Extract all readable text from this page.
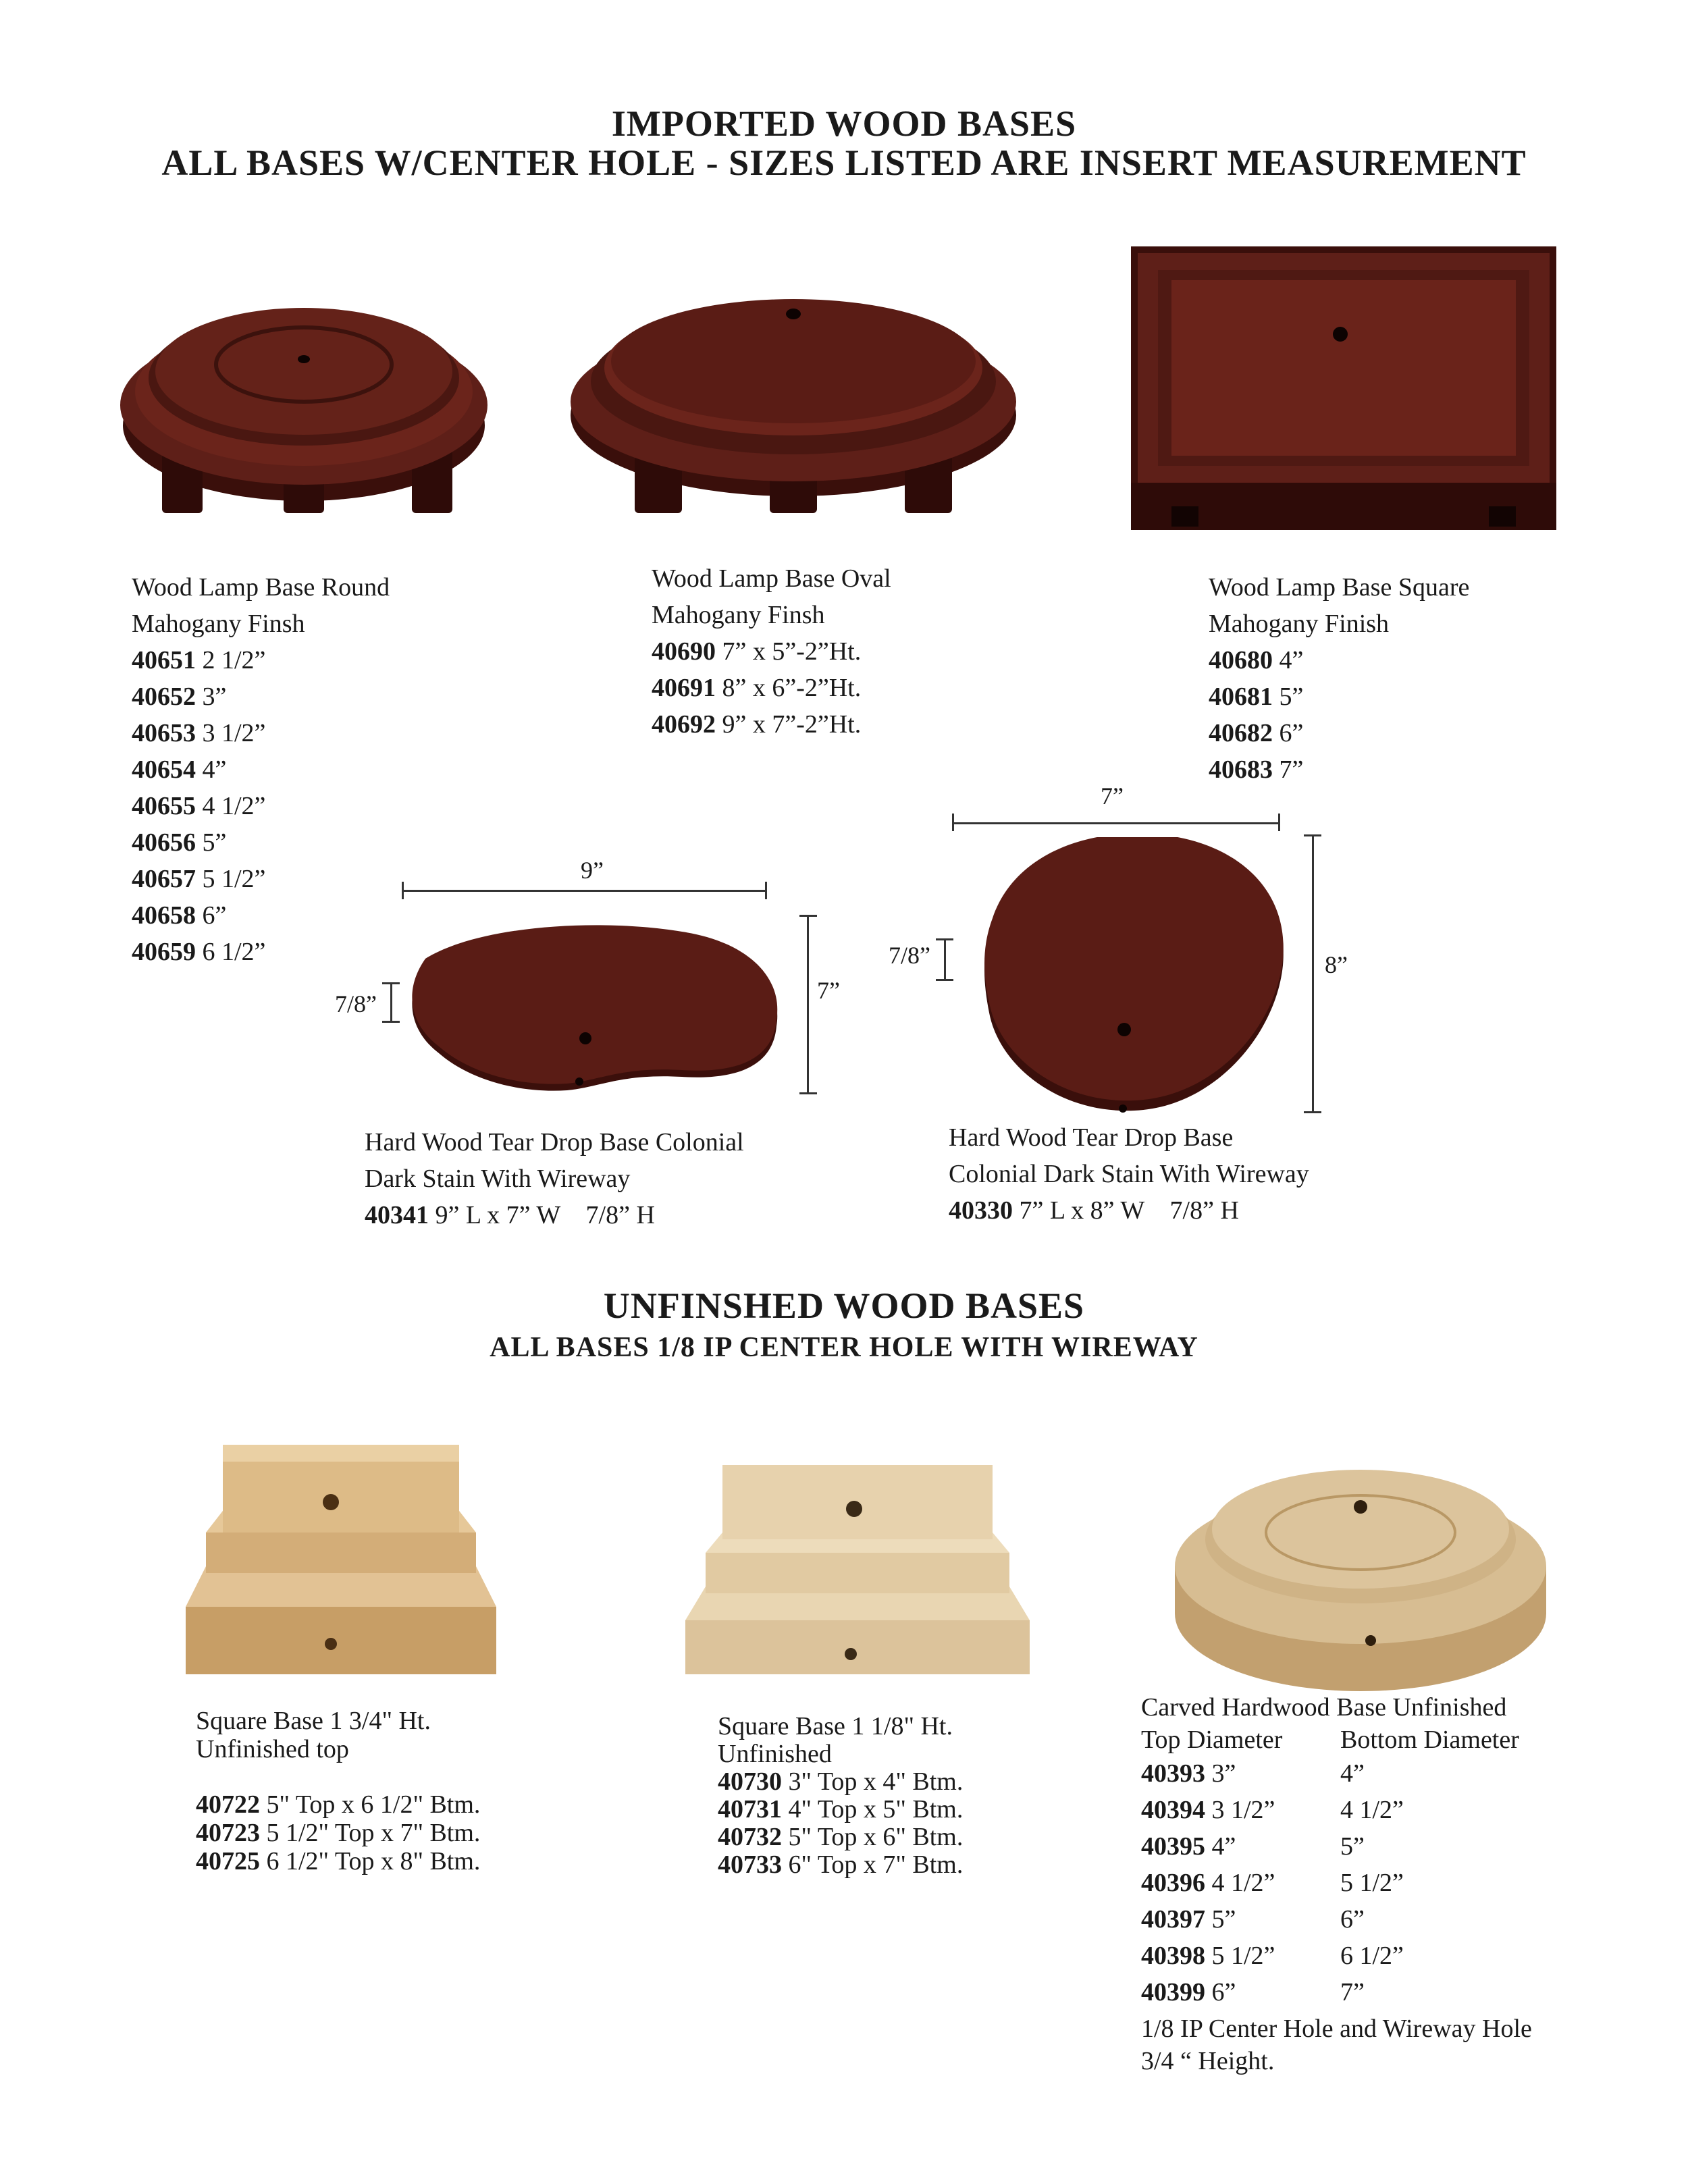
IMPORTED WOOD BASES
ALL BASES W/CENTER HOLE - SIZES LISTED ARE INSERT MEASUREMENT
Wood Lamp Base Round
Mahogany Finsh
40651 2 1/2”
40652 3”
40653 3 1/2”
40654 4”
40655 4 1/2”
40656 5”
40657 5 1/2”
40658 6”
40659 6 1/2”
Wood Lamp Base Oval
Mahogany Finsh
40690 7” x 5”-2”Ht.
40691 8” x 6”-2”Ht.
40692 9” x 7”-2”Ht.
Wood Lamp Base Square
Mahogany Finish
40680 4”
40681 5”
40682 6”
40683 7”
9”
7”
7/8”
Hard Wood Tear Drop Base Colonial
Dark Stain With Wireway
40341 9” L x 7” W    7/8” H
7”
8”
7/8”
Hard Wood Tear Drop Base
Colonial Dark Stain With Wireway
40330 7” L x 8” W    7/8” H
UNFINSHED WOOD BASES
ALL BASES 1/8 IP CENTER HOLE WITH WIREWAY
Square Base 1 3/4" Ht.
Unfinished top
40722 5" Top x 6 1/2" Btm.
40723 5 1/2" Top x 7" Btm.
40725 6 1/2" Top x 8" Btm.
Square Base 1 1/8" Ht.
Unfinished
40730 3" Top x 4" Btm.
40731 4" Top x 5" Btm.
40732 5" Top x 6" Btm.
40733 6" Top x 7" Btm.
Carved Hardwood Base Unfinished
Top Diameter Bottom Diameter
40393 3”	4”
40394 3 1/2”	4 1/2”
40395 4”	5”
40396 4 1/2”	5 1/2”
40397 5”	6”
40398 5 1/2”	6 1/2”
40399 6”	7”
1/8 IP Center Hole and Wireway Hole
3/4 “ Height.
